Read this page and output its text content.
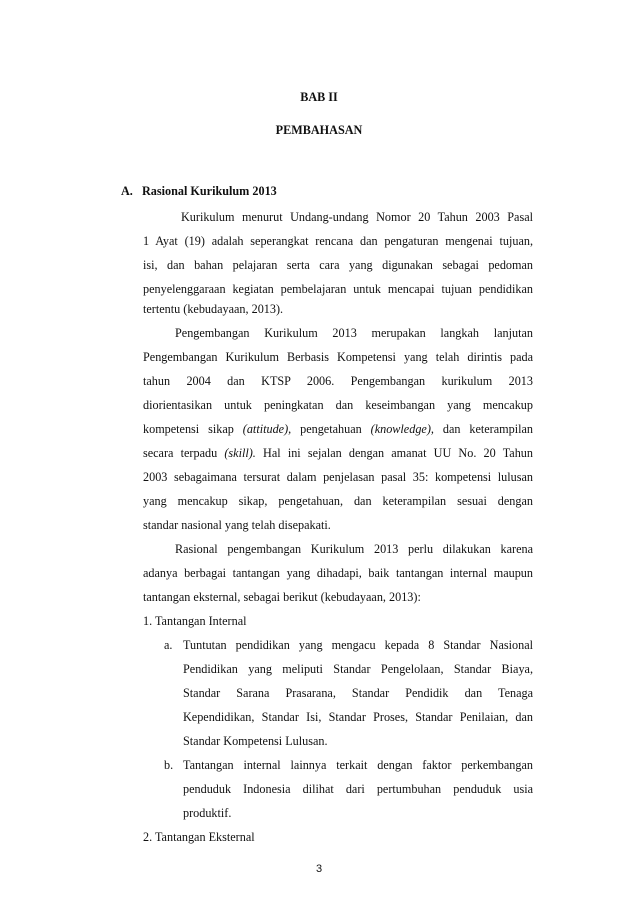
BAB II
PEMBAHASAN
A.   Rasional Kurikulum 2013
Kurikulum menurut Undang-undang Nomor 20 Tahun 2003 Pasal
1 Ayat (19) adalah seperangkat rencana dan pengaturan mengenai tujuan,
isi, dan bahan pelajaran serta cara yang digunakan sebagai pedoman
penyelenggaraan kegiatan pembelajaran untuk mencapai tujuan pendidikan
tertentu (kebudayaan, 2013).
Pengembangan Kurikulum 2013 merupakan langkah lanjutan
Pengembangan Kurikulum Berbasis Kompetensi yang telah dirintis pada
tahun 2004 dan KTSP 2006. Pengembangan kurikulum 2013
diorientasikan untuk peningkatan dan keseimbangan yang mencakup
kompetensi sikap (attitude), pengetahuan (knowledge), dan keterampilan
secara terpadu (skill). Hal ini sejalan dengan amanat UU No. 20 Tahun
2003 sebagaimana tersurat dalam penjelasan pasal 35: kompetensi lulusan
yang mencakup sikap, pengetahuan, dan keterampilan sesuai dengan
standar nasional yang telah disepakati.
Rasional pengembangan Kurikulum 2013 perlu dilakukan karena
adanya berbagai tantangan yang dihadapi, baik tantangan internal maupun
tantangan eksternal, sebagai berikut (kebudayaan, 2013):
1. Tantangan Internal
a. Tuntutan pendidikan yang mengacu kepada 8 Standar Nasional
Pendidikan yang meliputi Standar Pengelolaan, Standar Biaya,
Standar Sarana Prasarana, Standar Pendidik dan Tenaga
Kependidikan, Standar Isi, Standar Proses, Standar Penilaian, dan
Standar Kompetensi Lulusan.
b. Tantangan internal lainnya terkait dengan faktor perkembangan
penduduk Indonesia dilihat dari pertumbuhan penduduk usia
produktif.
2. Tantangan Eksternal
3
